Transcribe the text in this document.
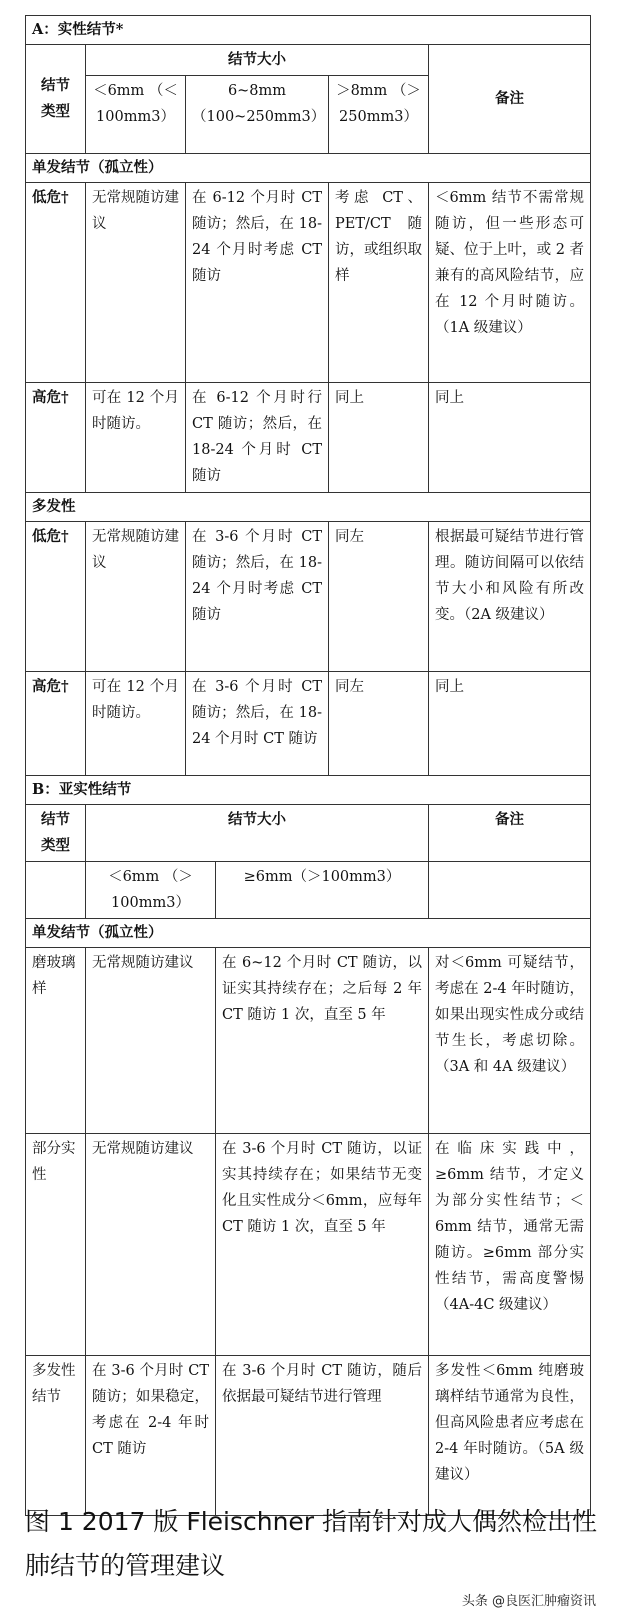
A：实性结节*				
结节
类型	结节大小			备注
	＜6mm （＜100mm3）	6~8mm （100~250mm3）	＞8mm （＞250mm3）	
单发结节（孤立性）				
低危†	无常规随访建议	在 6-12 个月时 CT 随访；然后，在 18-24 个月时考虑 CT 随访	考虑 CT、PET/CT 随访，或组织取样	＜6mm 结节不需常规随访，但一些形态可疑、位于上叶，或 2 者兼有的高风险结节，应在 12 个月时随访。（1A 级建议）
高危†	可在 12 个月时随访。	在 6-12 个月时行 CT 随访；然后，在 18-24 个月时 CT 随访	同上	同上
多发性				
低危†	无常规随访建议	在 3-6 个月时 CT 随访；然后，在 18-24 个月时考虑 CT 随访	同左	根据最可疑结节进行管理。随访间隔可以依结节大小和风险有所改变。（2A 级建议）
高危†	可在 12 个月时随访。	在 3-6 个月时 CT 随访；然后，在 18-24 个月时 CT 随访	同左	同上
B：亚实性结节			
结节
类型	结节大小		备注
	＜6mm （＞100mm3）	≥6mm（＞100mm3）	
单发结节（孤立性）			
磨玻璃样	无常规随访建议	在 6~12 个月时 CT 随访，以证实其持续存在；之后每 2 年 CT 随访 1 次，直至 5 年	对＜6mm 可疑结节，考虑在 2-4 年时随访，如果出现实性成分或结节生长，考虑切除。（3A 和 4A 级建议）
部分实性	无常规随访建议	在 3-6 个月时 CT 随访，以证实其持续存在；如果结节无变化且实性成分＜6mm，应每年 CT 随访 1 次，直至 5 年	在临床实践中，≥6mm 结节，才定义为部分实性结节；＜6mm 结节，通常无需随访。≥6mm 部分实性结节，需高度警惕（4A-4C 级建议）
多发性结节	在 3-6 个月时 CT 随访；如果稳定，考虑在 2-4 年时 CT 随访	在 3-6 个月时 CT 随访，随后依据最可疑结节进行管理	多发性＜6mm 纯磨玻璃样结节通常为良性，但高风险患者应考虑在 2-4 年时随访。（5A 级建议）
图 1 2017 版 Fleischner 指南针对成人偶然检出性肺结节的管理建议
头条 @良医汇肿瘤资讯
